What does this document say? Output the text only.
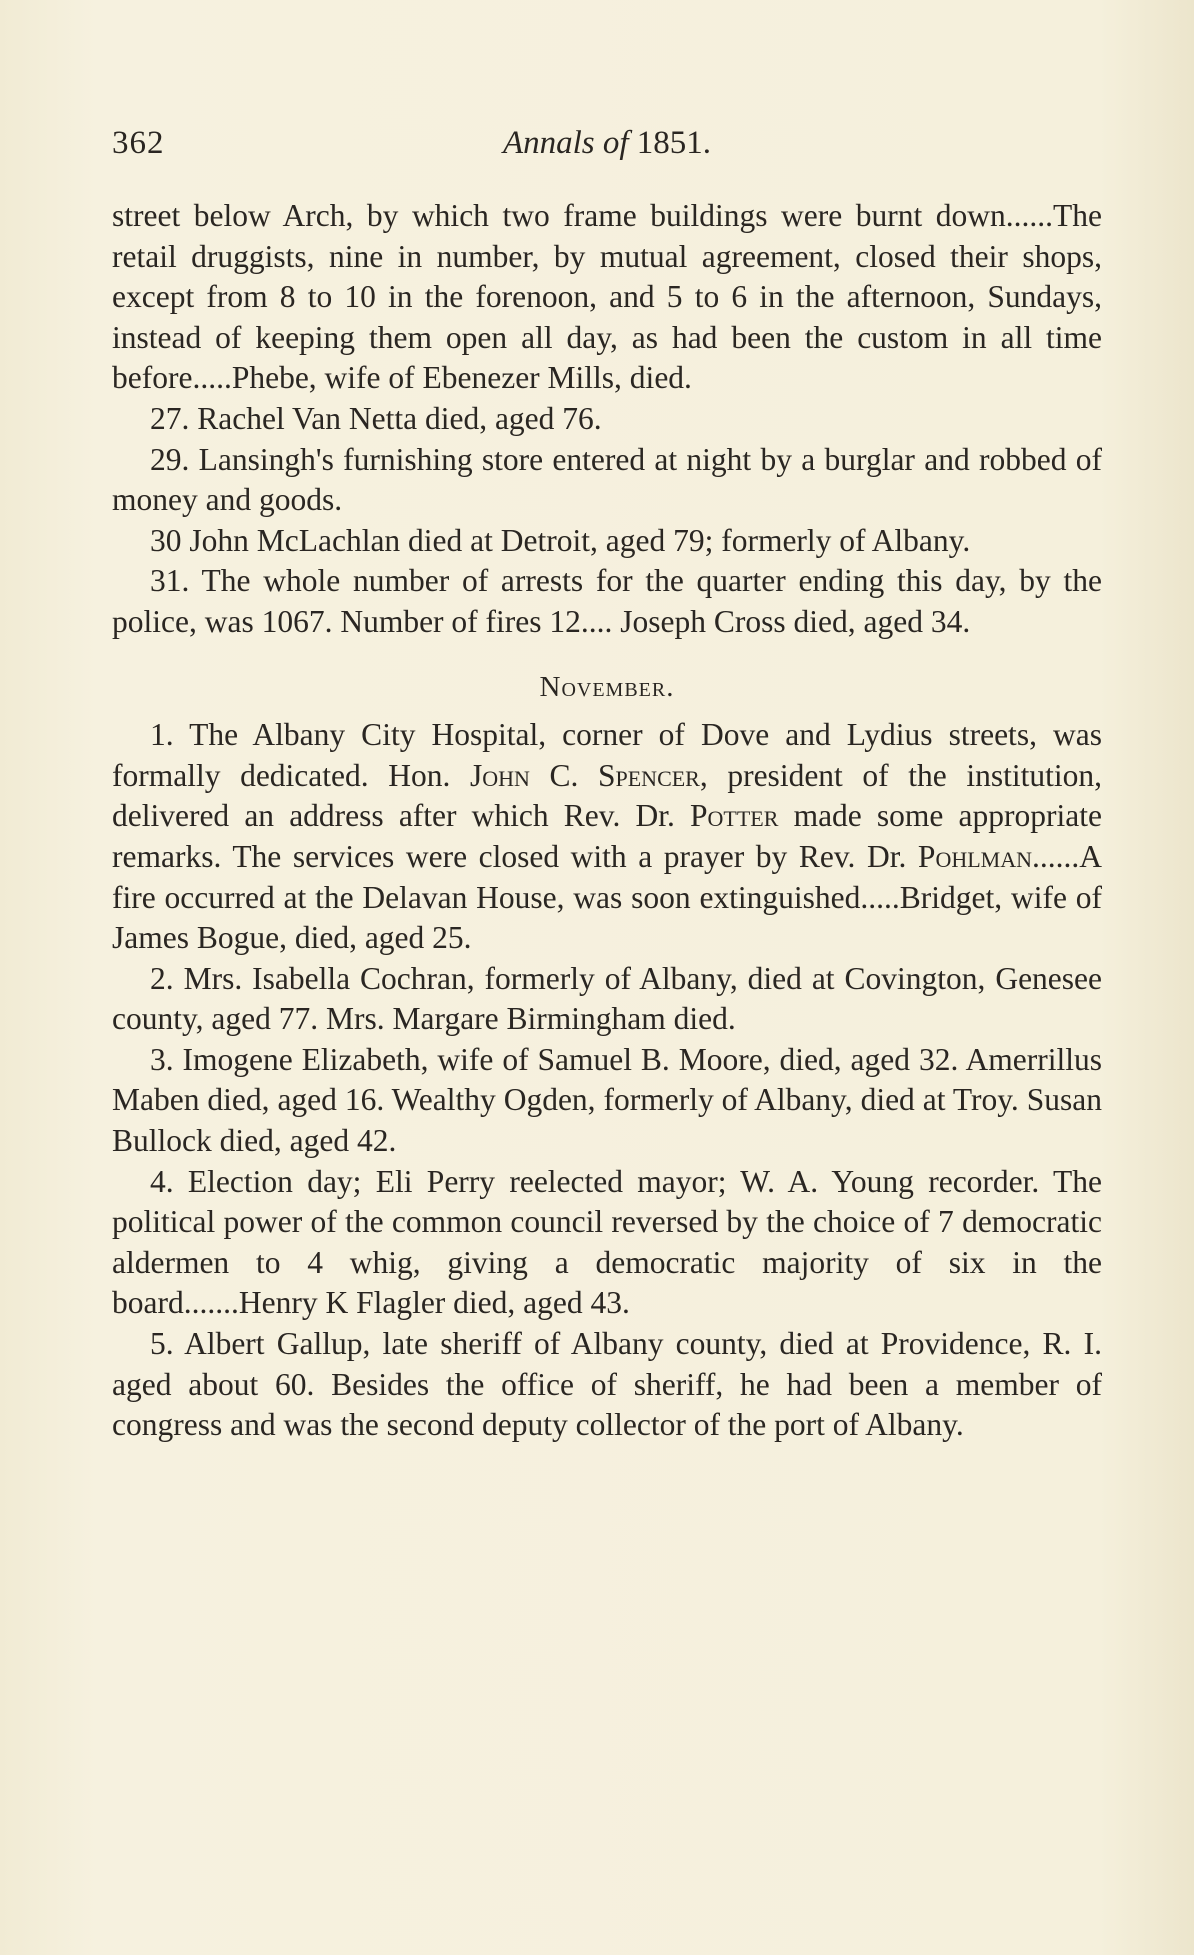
362	Annals of 1851.

street below Arch, by which two frame buildings were burnt down......The retail druggists, nine in number, by mutual agreement, closed their shops, except from 8 to 10 in the forenoon, and 5 to 6 in the afternoon, Sundays, instead of keeping them open all day, as had been the custom in all time before.....Phebe, wife of Ebenezer Mills, died.

27. Rachel Van Netta died, aged 76.

29. Lansingh's furnishing store entered at night by a burglar and robbed of money and goods.

30 John McLachlan died at Detroit, aged 79; formerly of Albany.

31. The whole number of arrests for the quarter ending this day, by the police, was 1067. Number of fires 12.... Joseph Cross died, aged 34.

November.

1. The Albany City Hospital, corner of Dove and Lydius streets, was formally dedicated. Hon. John C. Spencer, president of the institution, delivered an address after which Rev. Dr. Potter made some appropriate remarks. The services were closed with a prayer by Rev. Dr. Pohlman......A fire occurred at the Delavan House, was soon extinguished.....Bridget, wife of James Bogue, died, aged 25.

2. Mrs. Isabella Cochran, formerly of Albany, died at Covington, Genesee county, aged 77. Mrs. Margare Birmingham died.

3. Imogene Elizabeth, wife of Samuel B. Moore, died, aged 32. Amerrillus Maben died, aged 16. Wealthy Ogden, formerly of Albany, died at Troy. Susan Bullock died, aged 42.

4. Election day; Eli Perry reelected mayor; W. A. Young recorder. The political power of the common council reversed by the choice of 7 democratic aldermen to 4 whig, giving a democratic majority of six in the board.......Henry K Flagler died, aged 43.

5. Albert Gallup, late sheriff of Albany county, died at Providence, R. I. aged about 60. Besides the office of sheriff, he had been a member of congress and was the second deputy collector of the port of Albany.
